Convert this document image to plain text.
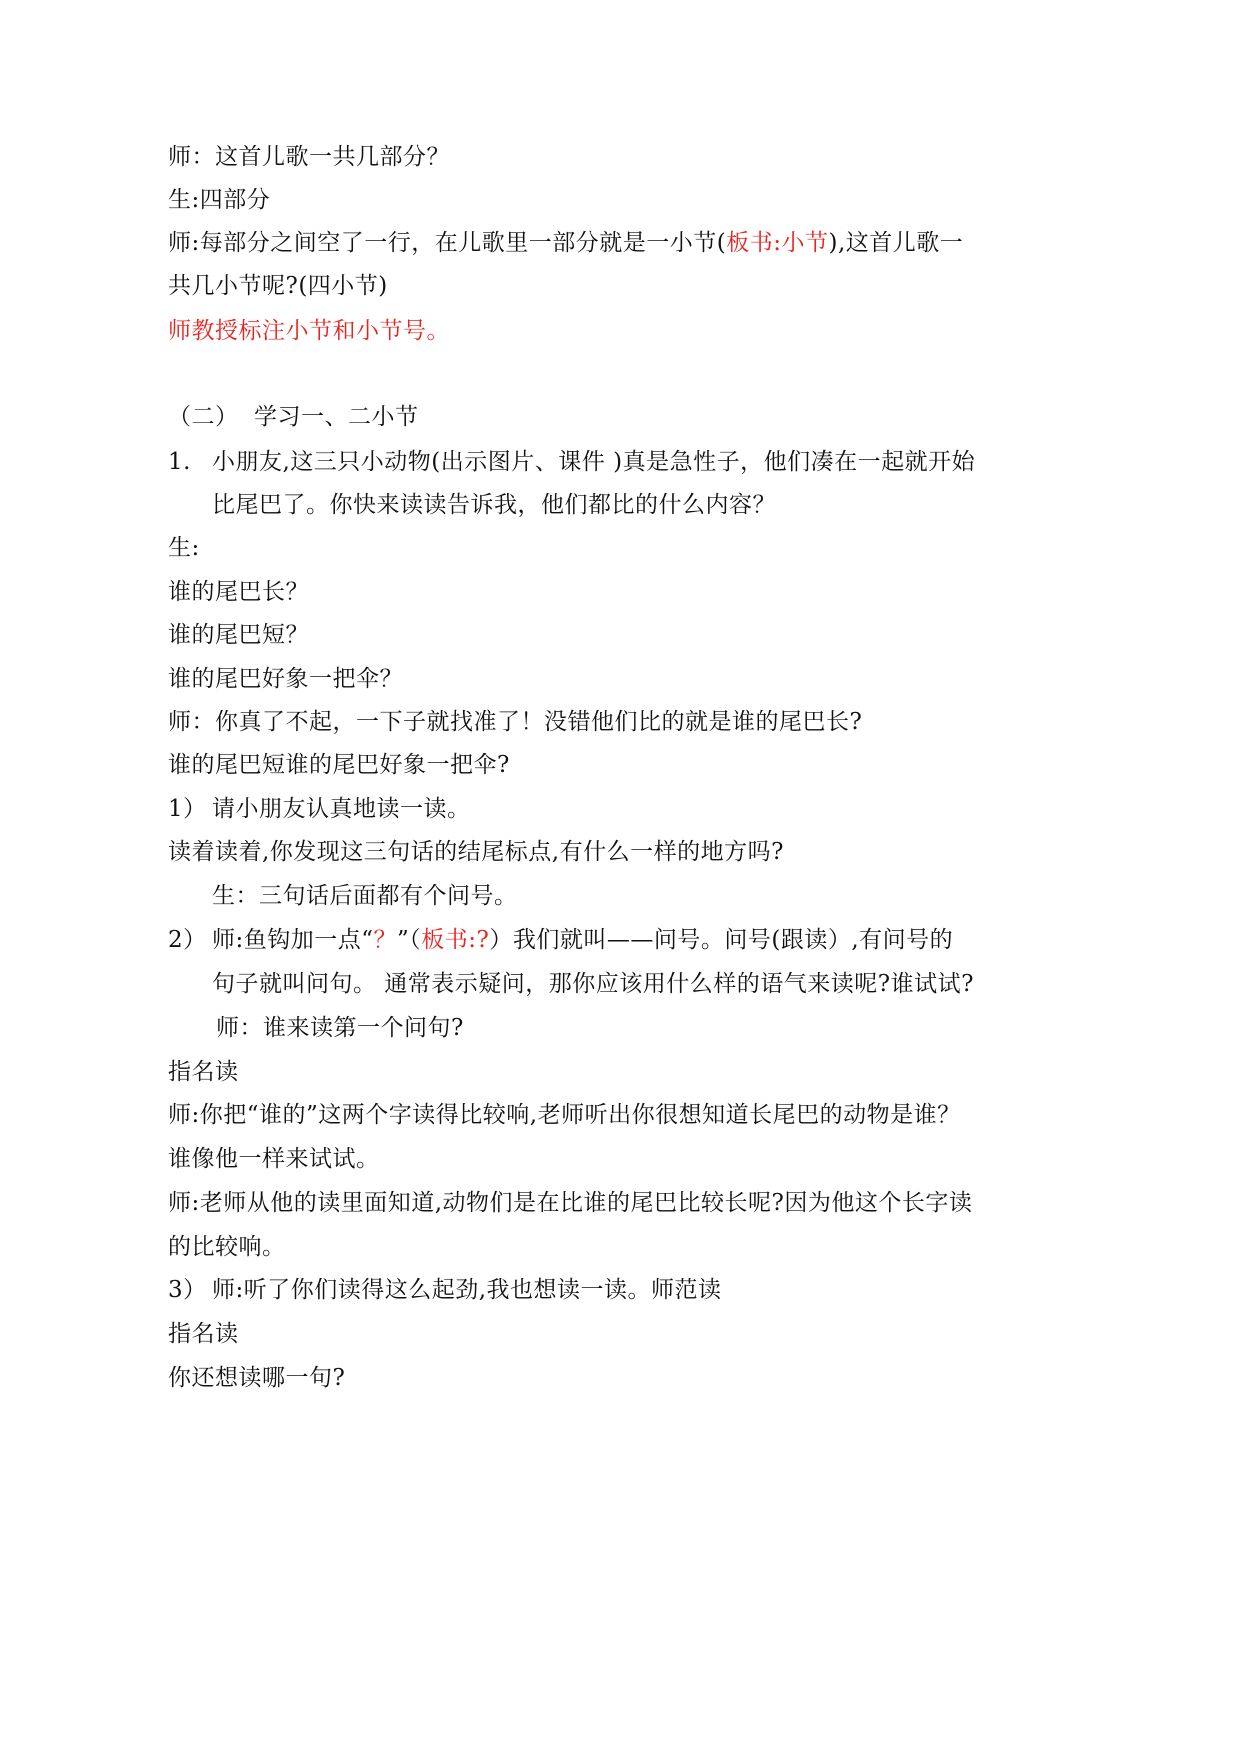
师：这首儿歌一共几部分？
生:四部分
师:每部分之间空了一行，在儿歌里一部分就是一小节(板书:小节),这首儿歌一
共几小节呢?(四小节)
师教授标注小节和小节号。
（二） 学习一、二小节
1. 小朋友,这三只小动物(出示图片、课件 )真是急性子，他们凑在一起就开始
比尾巴了。你快来读读告诉我，他们都比的什么内容？
生:
谁的尾巴长？
谁的尾巴短？
谁的尾巴好象一把伞？
师：你真了不起，一下子就找准了！没错他们比的就是谁的尾巴长?
谁的尾巴短谁的尾巴好象一把伞?
1） 请小朋友认真地读一读。
读着读着,你发现这三句话的结尾标点,有什么一样的地方吗?
生：三句话后面都有个问号。
2） 师:鱼钩加一点“？”（板书:?）我们就叫——问号。问号(跟读）,有问号的
句子就叫问句。 通常表示疑问，那你应该用什么样的语气来读呢?谁试试?
师：谁来读第一个问句?
指名读
师:你把“谁的”这两个字读得比较响,老师听出你很想知道长尾巴的动物是谁？
谁像他一样来试试。
师:老师从他的读里面知道,动物们是在比谁的尾巴比较长呢?因为他这个长字读
的比较响。
3） 师:听了你们读得这么起劲,我也想读一读。师范读
指名读
你还想读哪一句?
